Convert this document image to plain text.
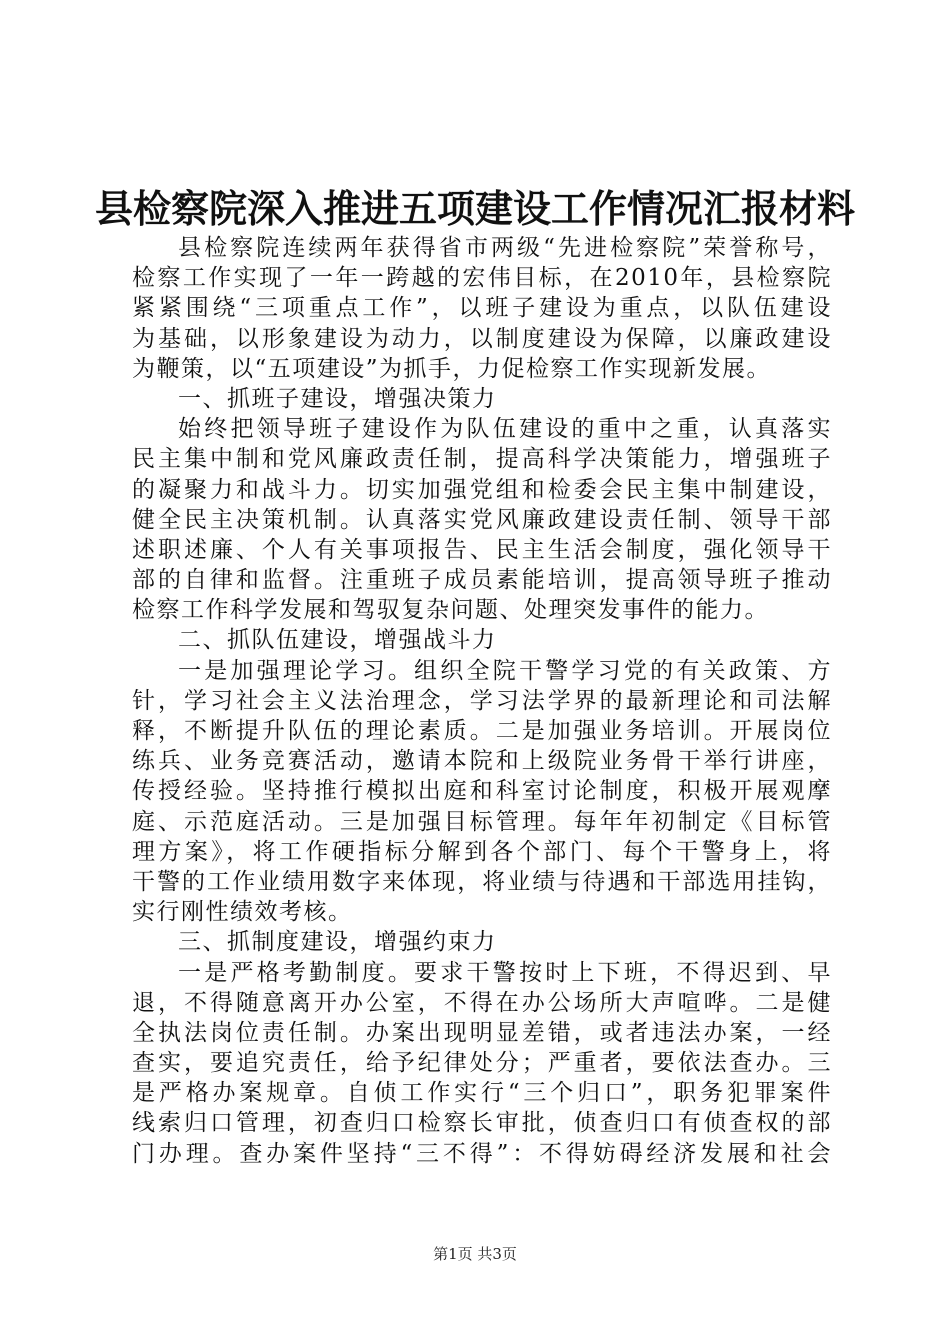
县检察院深入推进五项建设工作情况汇报材料
县检察院连续两年获得省市两级“先进检察院”荣誉称号，
检察工作实现了一年一跨越的宏伟目标，在2010年，县检察院
紧紧围绕“三项重点工作”，以班子建设为重点，以队伍建设
为基础，以形象建设为动力，以制度建设为保障，以廉政建设
为鞭策，以“五项建设”为抓手，力促检察工作实现新发展。
一、抓班子建设，增强决策力
始终把领导班子建设作为队伍建设的重中之重，认真落实
民主集中制和党风廉政责任制，提高科学决策能力，增强班子
的凝聚力和战斗力。切实加强党组和检委会民主集中制建设，
健全民主决策机制。认真落实党风廉政建设责任制、领导干部
述职述廉、个人有关事项报告、民主生活会制度，强化领导干
部的自律和监督。注重班子成员素能培训，提高领导班子推动
检察工作科学发展和驾驭复杂问题、处理突发事件的能力。
二、抓队伍建设，增强战斗力
一是加强理论学习。组织全院干警学习党的有关政策、方
针，学习社会主义法治理念，学习法学界的最新理论和司法解
释，不断提升队伍的理论素质。二是加强业务培训。开展岗位
练兵、业务竞赛活动，邀请本院和上级院业务骨干举行讲座，
传授经验。坚持推行模拟出庭和科室讨论制度，积极开展观摩
庭、示范庭活动。三是加强目标管理。每年年初制定《目标管
理方案》，将工作硬指标分解到各个部门、每个干警身上，将
干警的工作业绩用数字来体现，将业绩与待遇和干部选用挂钩，
实行刚性绩效考核。
三、抓制度建设，增强约束力
一是严格考勤制度。要求干警按时上下班，不得迟到、早
退，不得随意离开办公室，不得在办公场所大声喧哗。二是健
全执法岗位责任制。办案出现明显差错，或者违法办案，一经
查实，要追究责任，给予纪律处分；严重者，要依法查办。三
是严格办案规章。自侦工作实行“三个归口”，职务犯罪案件
线索归口管理，初查归口检察长审批，侦查归口有侦查权的部
门办理。查办案件坚持“三不得”：不得妨碍经济发展和社会
第1页 共3页
